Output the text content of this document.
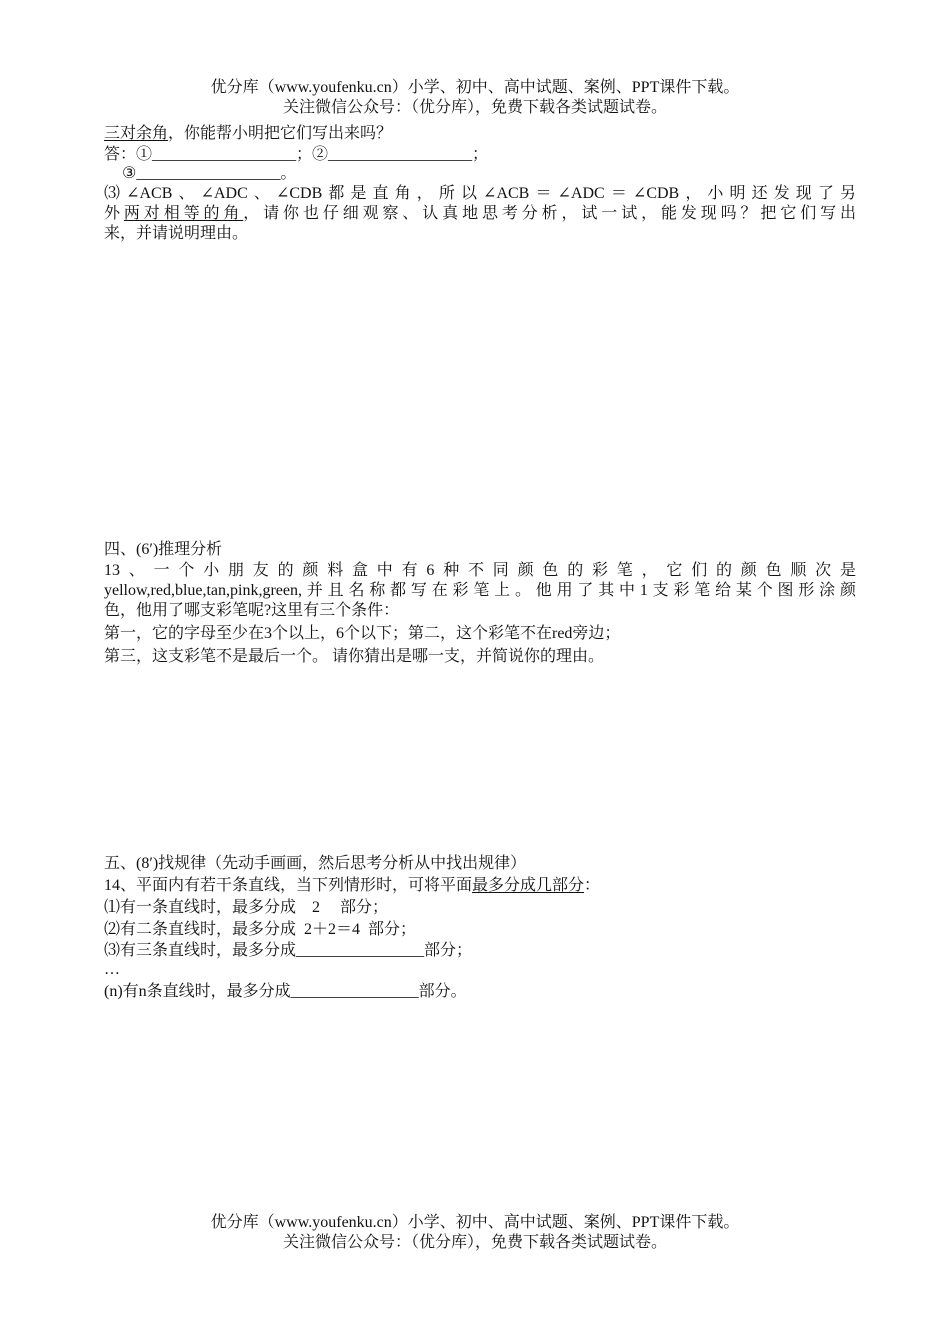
优分库（www.youfenku.cn）小学、初中、高中试题、案例、PPT课件下载。
关注微信公众号：（优分库），免费下载各类试题试卷。
三对余角，你能帮小明把它们写出来吗？
答：①__________________；②__________________；
③__________________。
⑶∠ACB、∠ADC、∠CDB都是直角，所以∠ACB＝∠ADC＝∠CDB，小明还发现了另
外两对相等的角，请你也仔细观察、认真地思考分析，试一试，能发现吗？把它们写出
来，并请说明理由。
四、(6′)推理分析
13、一个小朋友的颜料盒中有6种不同颜色的彩笔，它们的颜色顺次是
yellow,red,blue,tan,pink,green,并且名称都写在彩笔上。他用了其中1支彩笔给某个图形涂颜
色，他用了哪支彩笔呢?这里有三个条件：
第一，它的字母至少在3个以上，6个以下；第二，这个彩笔不在red旁边；
第三，这支彩笔不是最后一个。 请你猜出是哪一支，并简说你的理由。
五、(8′)找规律（先动手画画，然后思考分析从中找出规律）
14、平面内有若干条直线，当下列情形时，可将平面最多分成几部分：
⑴有一条直线时，最多分成    2     部分；
⑵有二条直线时，最多分成  2＋2＝4  部分；
⑶有三条直线时，最多分成________________部分；
…
(n)有n条直线时，最多分成________________部分。
优分库（www.youfenku.cn）小学、初中、高中试题、案例、PPT课件下载。
关注微信公众号：（优分库），免费下载各类试题试卷。
